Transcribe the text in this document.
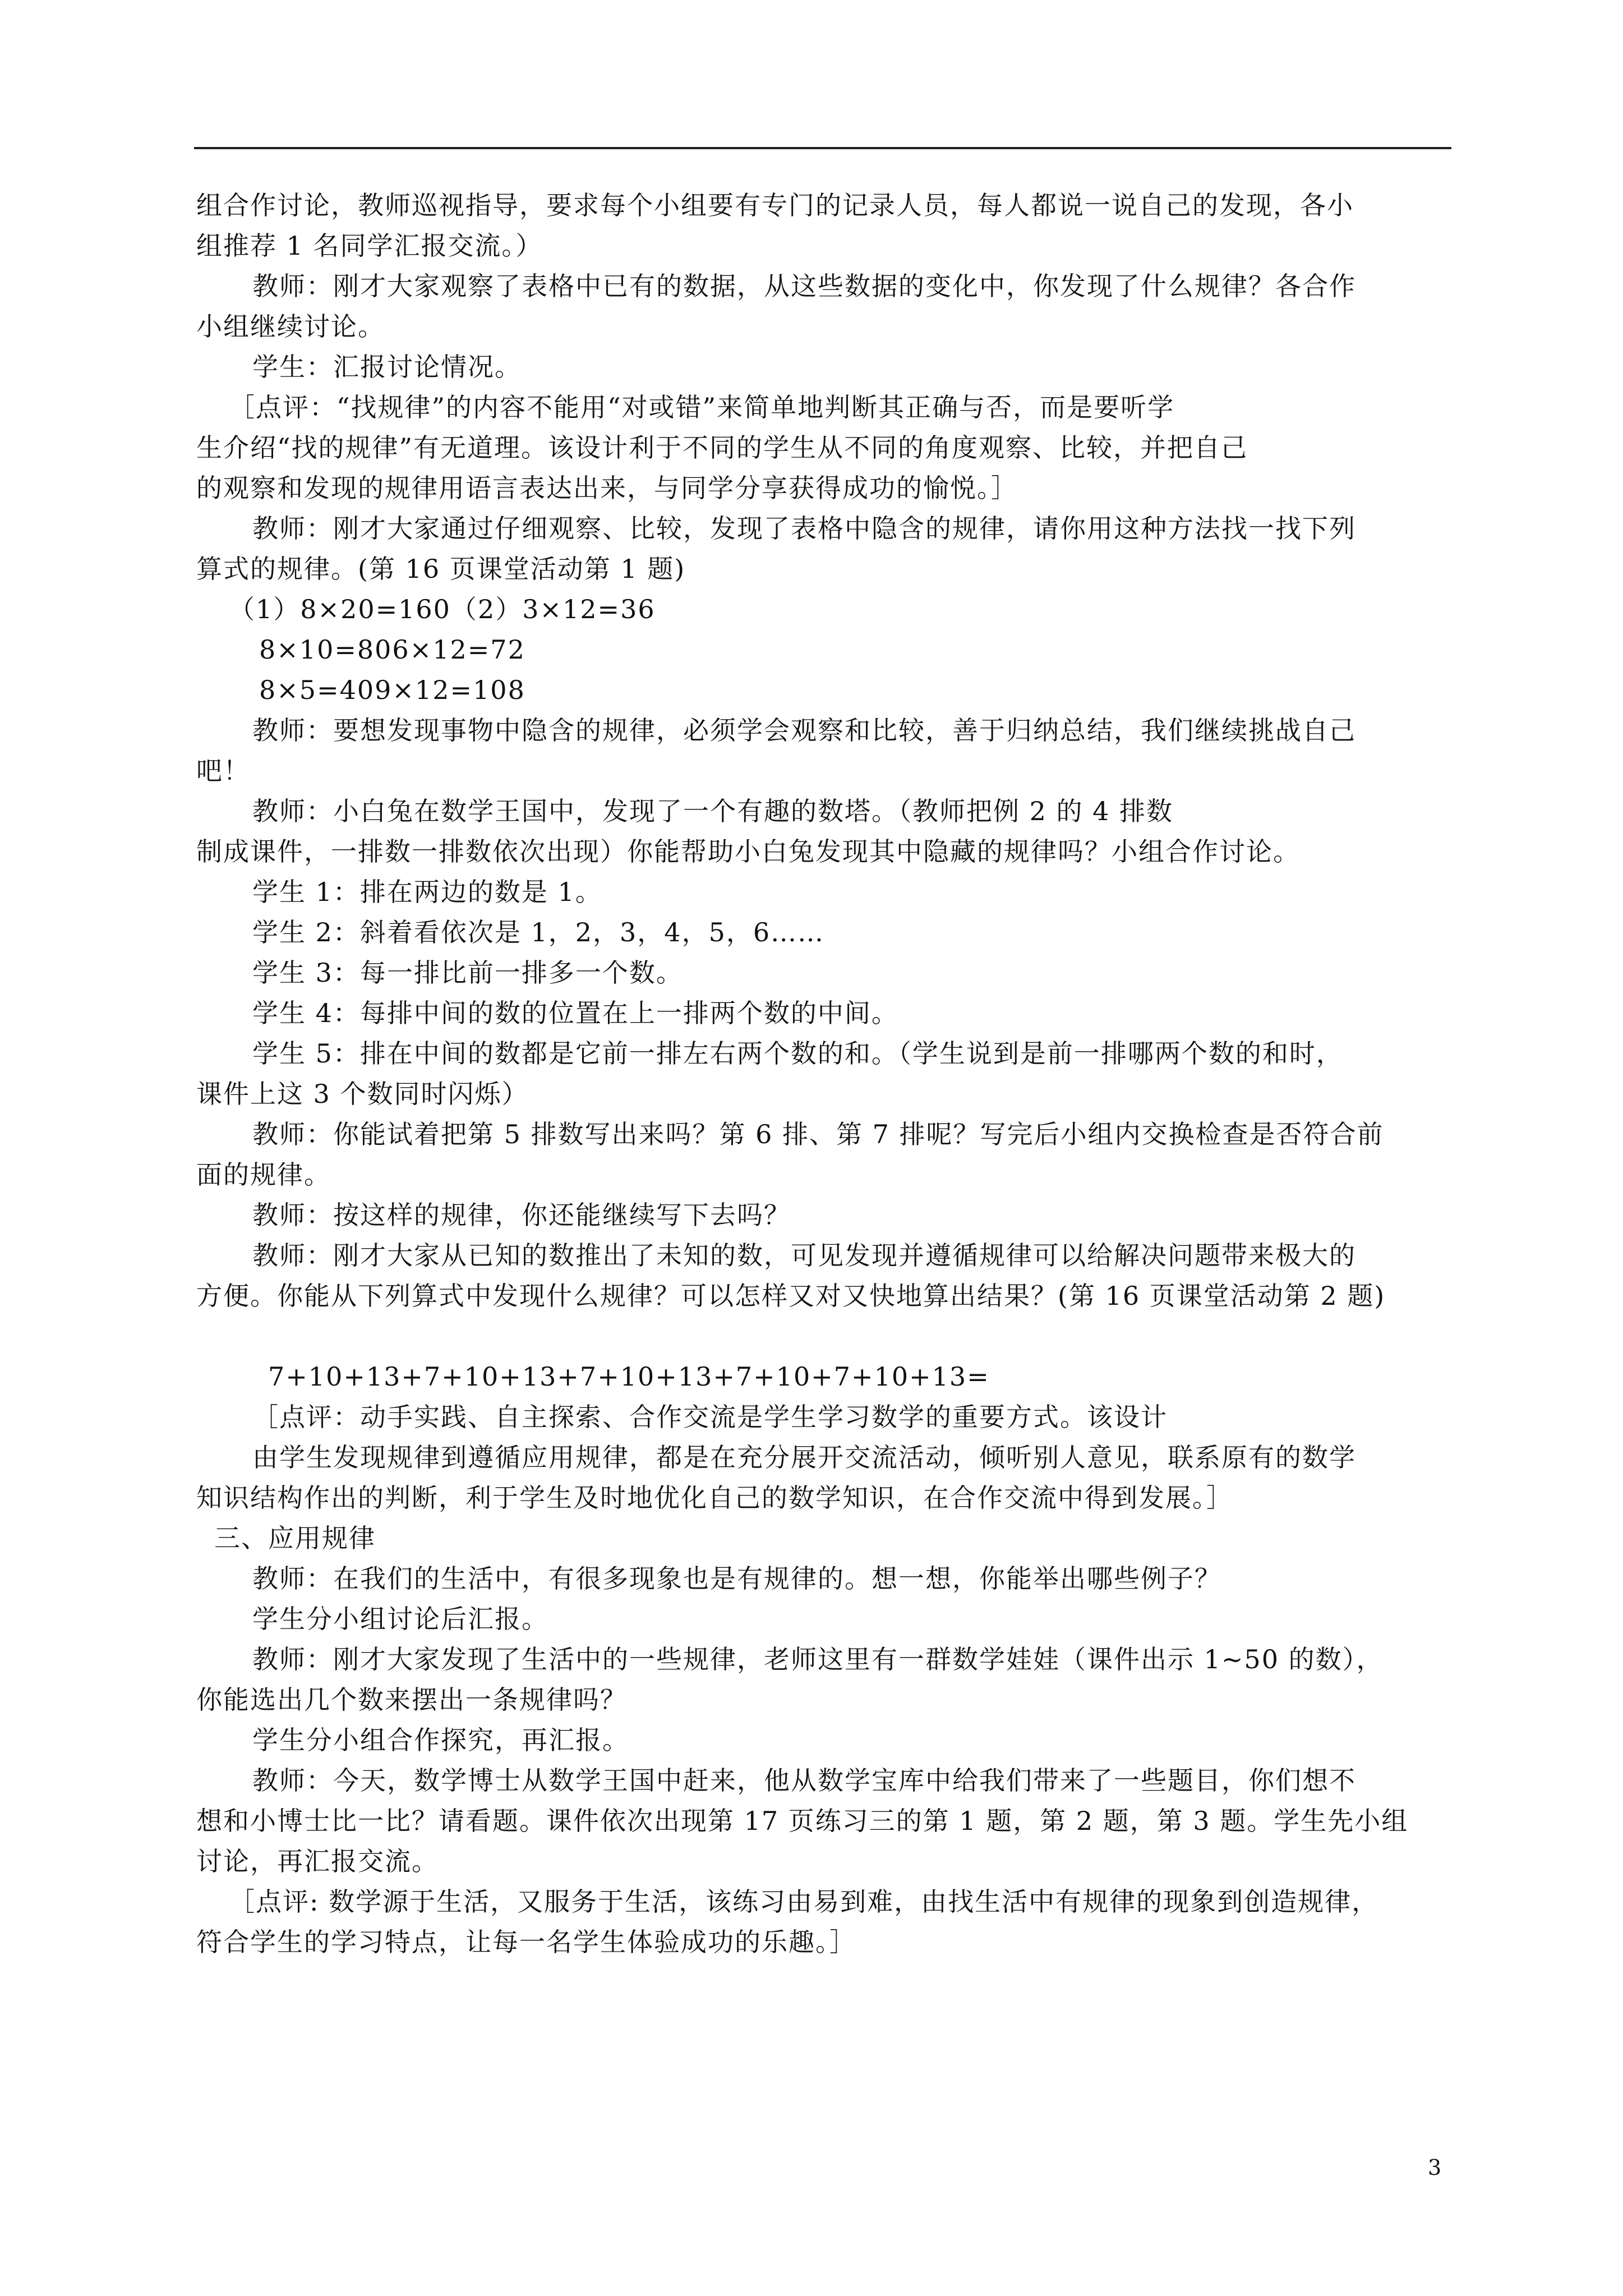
组合作讨论，教师巡视指导，要求每个小组要有专门的记录人员，每人都说一说自己的发现，各小
组推荐 1 名同学汇报交流。）
教师：刚才大家观察了表格中已有的数据，从这些数据的变化中，你发现了什么规律？各合作
小组继续讨论。
学生：汇报讨论情况。
［点评：“找规律”的内容不能用“对或错”来简单地判断其正确与否，而是要听学
生介绍“找的规律”有无道理。该设计利于不同的学生从不同的角度观察、比较，并把自己
的观察和发现的规律用语言表达出来，与同学分享获得成功的愉悦。］
教师：刚才大家通过仔细观察、比较，发现了表格中隐含的规律，请你用这种方法找一找下列
算式的规律。(第 16 页课堂活动第 1 题)
（1）8×20=160（2）3×12=36
8×10=806×12=72
8×5=409×12=108
教师：要想发现事物中隐含的规律，必须学会观察和比较，善于归纳总结，我们继续挑战自己
吧！
教师：小白兔在数学王国中，发现了一个有趣的数塔。（教师把例 2 的 4 排数
制成课件，一排数一排数依次出现）你能帮助小白兔发现其中隐藏的规律吗？小组合作讨论。
学生 1：排在两边的数是 1。
学生 2：斜着看依次是 1，2，3，4，5，6……
学生 3：每一排比前一排多一个数。
学生 4：每排中间的数的位置在上一排两个数的中间。
学生 5：排在中间的数都是它前一排左右两个数的和。（学生说到是前一排哪两个数的和时，
课件上这 3 个数同时闪烁）
教师：你能试着把第 5 排数写出来吗？第 6 排、第 7 排呢？写完后小组内交换检查是否符合前
面的规律。
教师：按这样的规律，你还能继续写下去吗？
教师：刚才大家从已知的数推出了未知的数，可见发现并遵循规律可以给解决问题带来极大的
方便。你能从下列算式中发现什么规律？可以怎样又对又快地算出结果？(第 16 页课堂活动第 2 题)
7+10+13+7+10+13+7+10+13+7+10+7+10+13=
［点评：动手实践、自主探索、合作交流是学生学习数学的重要方式。该设计
由学生发现规律到遵循应用规律，都是在充分展开交流活动，倾听别人意见，联系原有的数学
知识结构作出的判断，利于学生及时地优化自己的数学知识，在合作交流中得到发展。］
三、应用规律
教师：在我们的生活中，有很多现象也是有规律的。想一想，你能举出哪些例子？
学生分小组讨论后汇报。
教师：刚才大家发现了生活中的一些规律，老师这里有一群数学娃娃（课件出示 1~50 的数），
你能选出几个数来摆出一条规律吗？
学生分小组合作探究，再汇报。
教师：今天，数学博士从数学王国中赶来，他从数学宝库中给我们带来了一些题目，你们想不
想和小博士比一比？请看题。课件依次出现第 17 页练习三的第 1 题，第 2 题，第 3 题。学生先小组
讨论，再汇报交流。
［点评: 数学源于生活，又服务于生活，该练习由易到难，由找生活中有规律的现象到创造规律，
符合学生的学习特点，让每一名学生体验成功的乐趣。］
3
